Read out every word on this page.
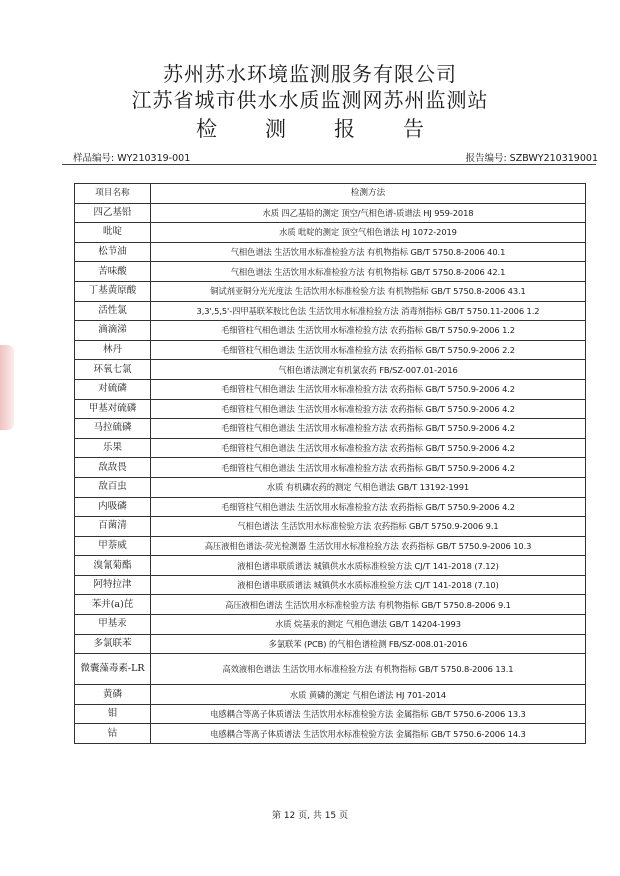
苏州苏水环境监测服务有限公司
江苏省城市供水水质监测网苏州监测站
检测报告
样品编号: WY210319-001	报告编号: SZBWY210319001
项目名称	检测方法
四乙基铅	水质 四乙基铅的测定 顶空/气相色谱-质谱法 HJ 959-2018
吡啶	水质 吡啶的测定 顶空气相色谱法 HJ 1072-2019
松节油	气相色谱法 生活饮用水标准检验方法 有机物指标 GB/T 5750.8-2006 40.1
苦味酸	气相色谱法 生活饮用水标准检验方法 有机物指标 GB/T 5750.8-2006 42.1
丁基黄原酸	铜试剂亚铜分光光度法 生活饮用水标准检验方法 有机物指标 GB/T 5750.8-2006 43.1
活性氯	3,3',5,5'-四甲基联苯胺比色法 生活饮用水标准检验方法 消毒剂指标 GB/T 5750.11-2006 1.2
滴滴涕	毛细管柱气相色谱法 生活饮用水标准检验方法 农药指标 GB/T 5750.9-2006 1.2
林丹	毛细管柱气相色谱法 生活饮用水标准检验方法 农药指标 GB/T 5750.9-2006 2.2
环氧七氯	气相色谱法测定有机氯农药 FB/SZ-007.01-2016
对硫磷	毛细管柱气相色谱法 生活饮用水标准检验方法 农药指标 GB/T 5750.9-2006 4.2
甲基对硫磷	毛细管柱气相色谱法 生活饮用水标准检验方法 农药指标 GB/T 5750.9-2006 4.2
马拉硫磷	毛细管柱气相色谱法 生活饮用水标准检验方法 农药指标 GB/T 5750.9-2006 4.2
乐果	毛细管柱气相色谱法 生活饮用水标准检验方法 农药指标 GB/T 5750.9-2006 4.2
敌敌畏	毛细管柱气相色谱法 生活饮用水标准检验方法 农药指标 GB/T 5750.9-2006 4.2
敌百虫	水质 有机磷农药的测定 气相色谱法 GB/T 13192-1991
内吸磷	毛细管柱气相色谱法 生活饮用水标准检验方法 农药指标 GB/T 5750.9-2006 4.2
百菌清	气相色谱法 生活饮用水标准检验方法 农药指标 GB/T 5750.9-2006 9.1
甲萘威	高压液相色谱法-荧光检测器 生活饮用水标准检验方法 农药指标 GB/T 5750.9-2006 10.3
溴氰菊酯	液相色谱串联质谱法 城镇供水水质标准检验方法 CJ/T 141-2018 (7.12)
阿特拉津	液相色谱串联质谱法 城镇供水水质标准检验方法 CJ/T 141-2018 (7.10)
苯并(a)芘	高压液相色谱法 生活饮用水标准检验方法 有机物指标 GB/T 5750.8-2006 9.1
甲基汞	水质 烷基汞的测定 气相色谱法 GB/T 14204-1993
多氯联苯	多氯联苯 (PCB) 的气相色谱检测 FB/SZ-008.01-2016
微囊藻毒素-LR	高效液相色谱法 生活饮用水标准检验方法 有机物指标 GB/T 5750.8-2006 13.1
黄磷	水质 黄磷的测定 气相色谱法 HJ 701-2014
钼	电感耦合等离子体质谱法 生活饮用水标准检验方法 金属指标 GB/T 5750.6-2006 13.3
钴	电感耦合等离子体质谱法 生活饮用水标准检验方法 金属指标 GB/T 5750.6-2006 14.3
第 12 页, 共 15 页
